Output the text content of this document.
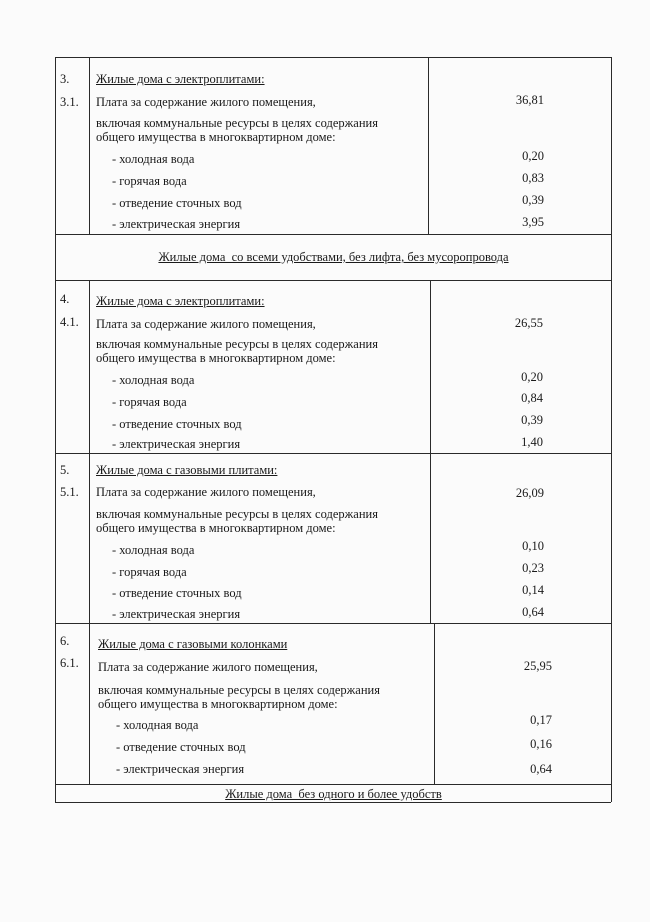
3.
3.1.
Жилые дома с электроплитами:
Плата за содержание жилого помещения,	36,81
включая коммунальные ресурсы в целях содержания
общего имущества в многоквартирном доме:
- холодная вода	0,20
- горячая вода	0,83
- отведение сточных вод	0,39
- электрическая энергия	3,95
Жилые дома  со всеми удобствами, без лифта, без мусоропровода
4.
4.1.
Жилые дома с электроплитами:
Плата за содержание жилого помещения,	26,55
включая коммунальные ресурсы в целях содержания
общего имущества в многоквартирном доме:
- холодная вода	0,20
- горячая вода	0,84
- отведение сточных вод	0,39
- электрическая энергия	1,40
5.
5.1.
Жилые дома с газовыми плитами:
Плата за содержание жилого помещения,	26,09
включая коммунальные ресурсы в целях содержания
общего имущества в многоквартирном доме:
- холодная вода	0,10
- горячая вода	0,23
- отведение сточных вод	0,14
- электрическая энергия	0,64
6.
6.1.
Жилые дома с газовыми колонками
Плата за содержание жилого помещения,	25,95
включая коммунальные ресурсы в целях содержания
общего имущества в многоквартирном доме:
- холодная вода	0,17
- отведение сточных вод	0,16
- электрическая энергия	0,64
Жилые дома  без одного и более удобств
